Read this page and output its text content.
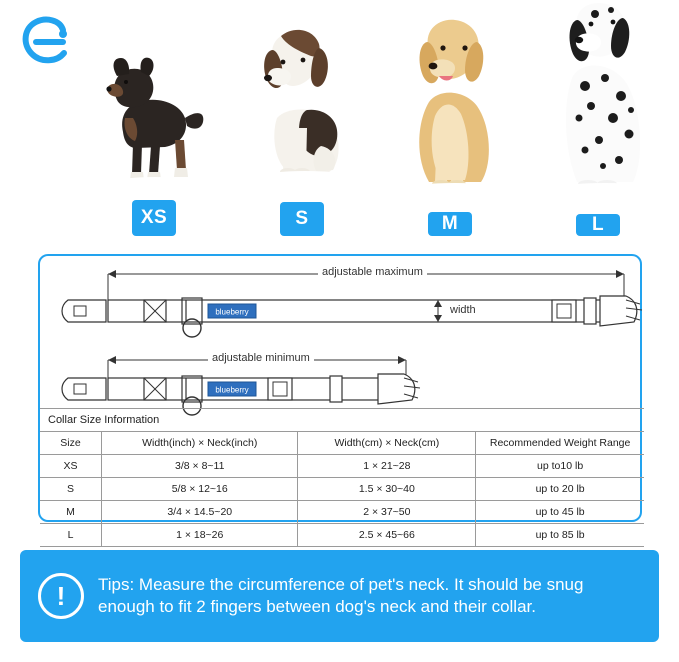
XS	S	M	L
blueberry
blueberry
adjustable maximum
width
adjustable minimum
Collar Size Information			
Size	Width(inch) × Neck(inch)	Width(cm) × Neck(cm)	Recommended Weight Range
XS	3/8 × 8~11	1 × 21~28	up to10 lb
S	5/8 × 12~16	1.5 × 30~40	up to 20 lb
M	3/4 × 14.5~20	2 × 37~50	up to 45 lb
L	1 × 18~26	2.5 × 45~66	up to 85 lb
!	Tips: Measure the circumference of pet's neck. It should be snug enough to fit 2 fingers between dog's neck and their collar.
